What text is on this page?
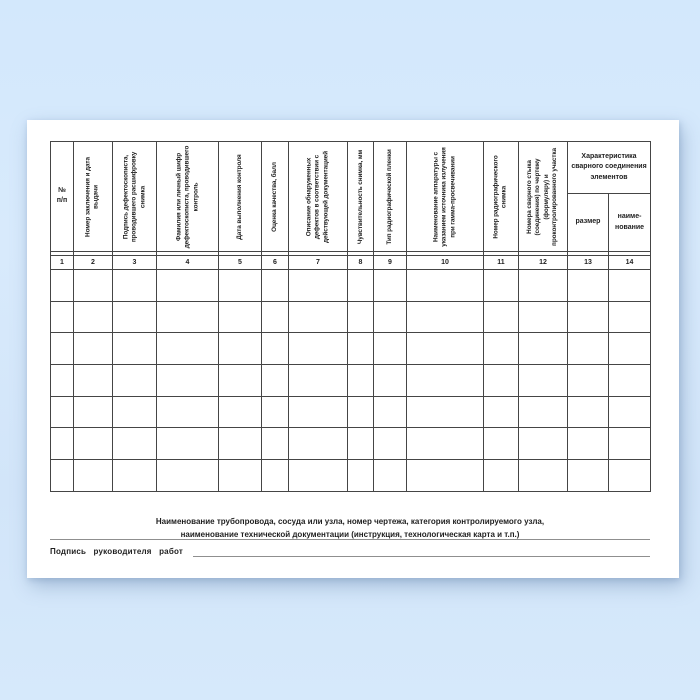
№ п/п	Номер заключения и дата выдачи	Подпись дефектоскописта, проводившего расшифровку снимка	Фамилия или личный шифр дефектоскописта, проводившего контроль	Дата выполнения контроля	Оценка качества, балл	Описание обнаруженных дефектов в соответствии с действующей документацией	Чувствительность снимка, мм	Тип радиографической пленки	Наименование аппаратуры с указанием источника излучения при гамма-просвечивании	Номер радиографического снимка	Номера сварного стыка (соединения) по чертежу (формуляру) и проконтролированного участка	Характеристика сварного соединения элементов	
												размер	наиме-нование

1	2	3	4	5	6	7	8	9	10	11	12	13	14

Наименование трубопровода, сосуда или узла, номер чертежа, категория контролируемого узла,
наименование технической документации (инструкция, технологическая карта и т.п.)
Подпись руководителя работ
